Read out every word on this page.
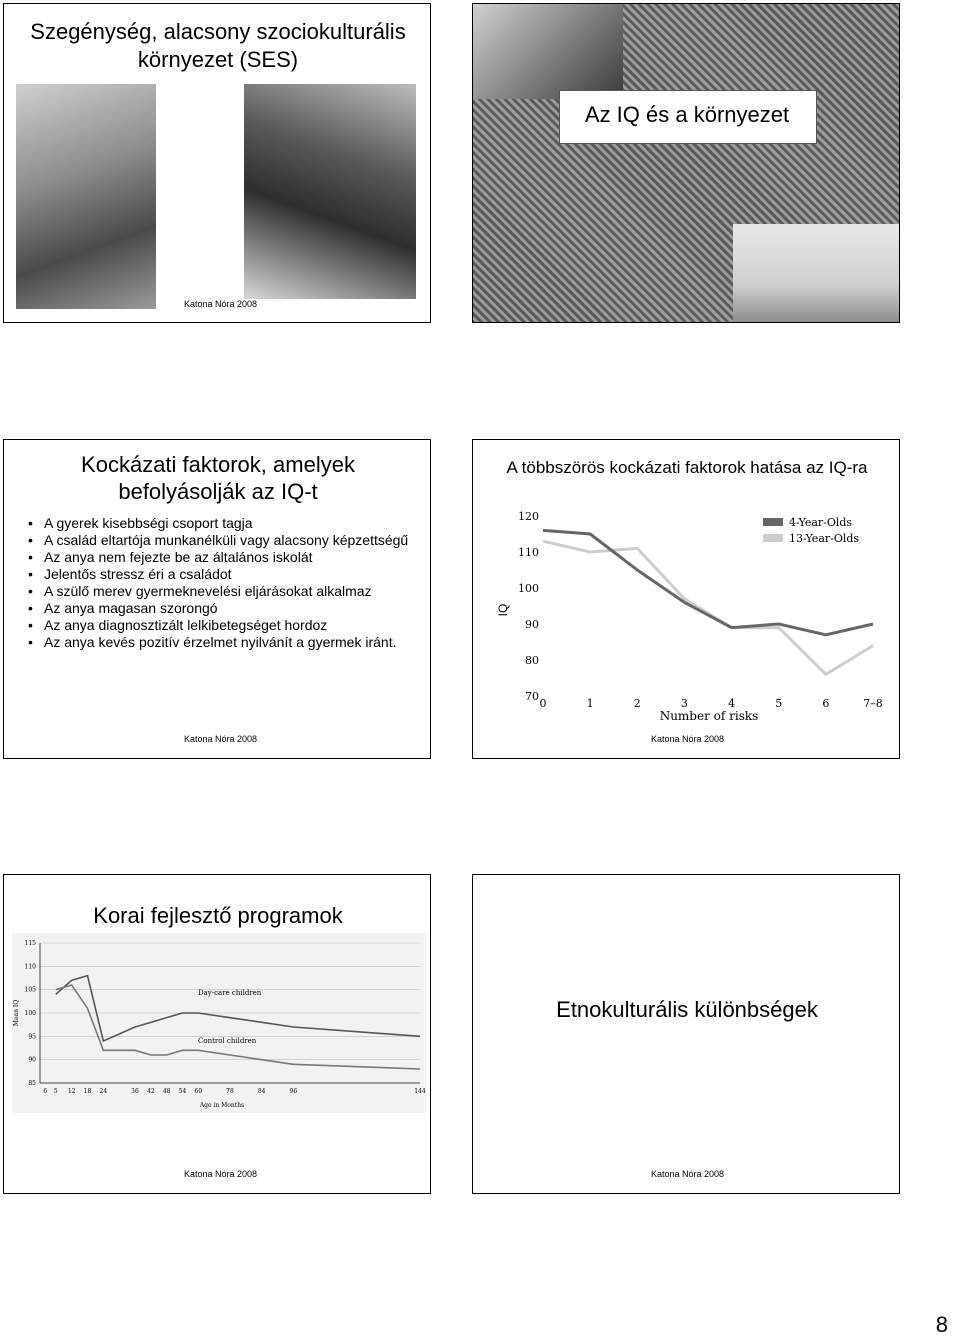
Szegénység, alacsony szociokulturális környezet (SES)
Katona Nóra 2008
Az IQ és a környezet
Kockázati faktorok, amelyek befolyásolják az IQ-t
• A gyerek kisebbségi csoport tagja
• A család eltartója munkanélküli vagy alacsony képzettségű
• Az anya nem fejezte be az általános iskolát
• Jelentős stressz éri a családot
• A szülő merev gyermeknevelési eljárásokat alkalmaz
• Az anya magasan szorongó
• Az anya diagnosztizált lelkibetegséget hordoz
• Az anya kevés pozitív érzelmet nyilvánít a gyermek iránt.
Katona Nóra 2008
A többszörös kockázati faktorok hatása az IQ-ra
120
110
100
90
80
70
0	1	2	3	4	5	6	7–8
IQ
Number of risks
4-Year-Olds
13-Year-Olds
Katona Nóra 2008
Korai fejlesztő programok
115
110
105
100
95
90
85
6 5 12 18 24	36 42 48 54 60	78	84	96	144
Day-care children
Control children
Mean IQ
Age in Months
Katona Nóra 2008
Etnokulturális különbségek
Katona Nóra 2008
8
